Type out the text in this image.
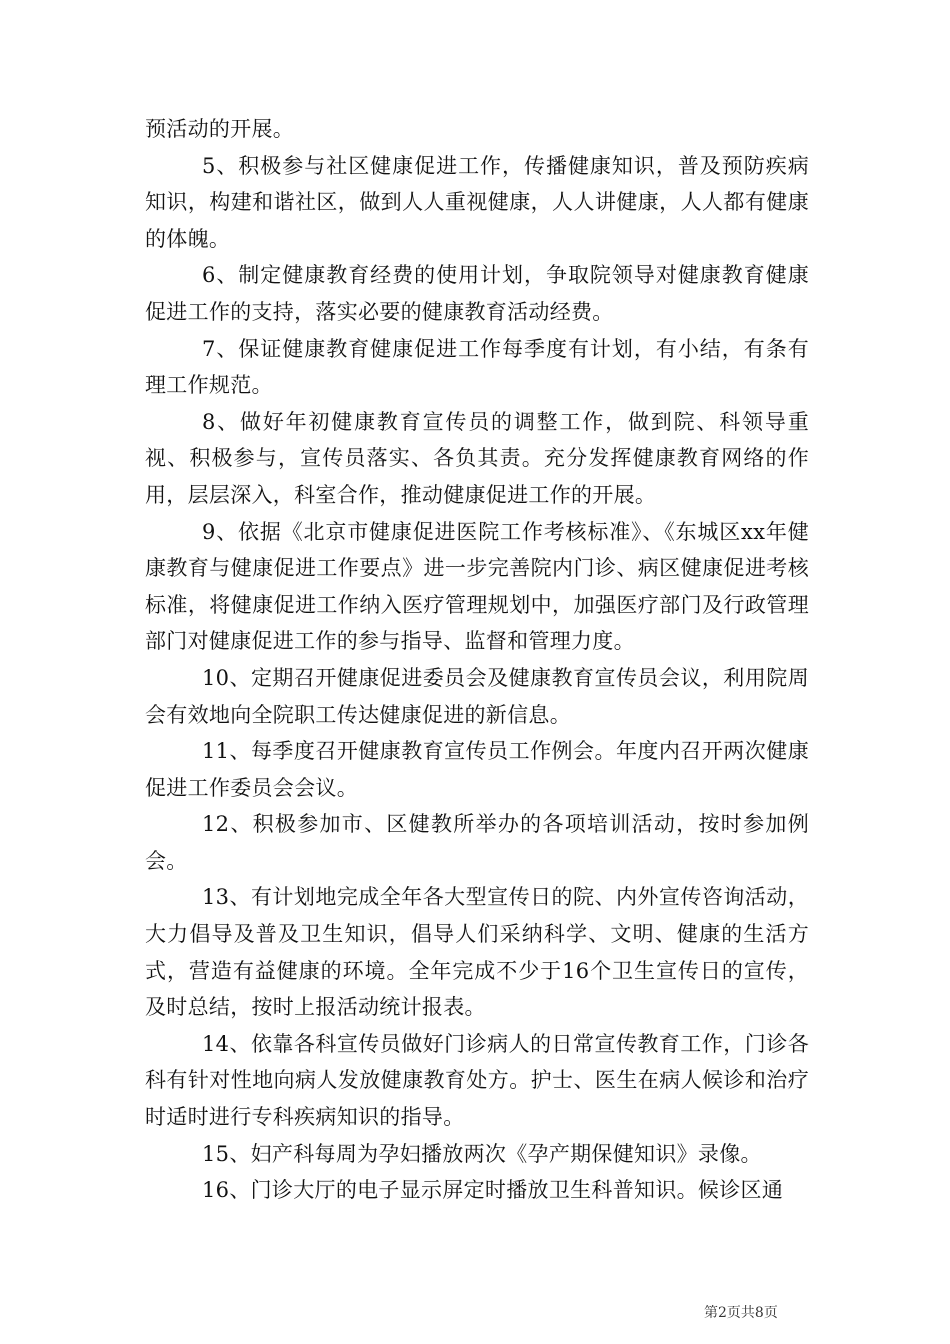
预活动的开展。

5、积极参与社区健康促进工作，传播健康知识，普及预防疾病知识，构建和谐社区，做到人人重视健康，人人讲健康，人人都有健康的体魄。

6、制定健康教育经费的使用计划，争取院领导对健康教育健康促进工作的支持，落实必要的健康教育活动经费。

7、保证健康教育健康促进工作每季度有计划，有小结，有条有理工作规范。

8、做好年初健康教育宣传员的调整工作，做到院、科领导重视、积极参与，宣传员落实、各负其责。充分发挥健康教育网络的作用，层层深入，科室合作，推动健康促进工作的开展。

9、依据《北京市健康促进医院工作考核标准》、《东城区xx年健康教育与健康促进工作要点》进一步完善院内门诊、病区健康促进考核标准，将健康促进工作纳入医疗管理规划中，加强医疗部门及行政管理部门对健康促进工作的参与指导、监督和管理力度。

10、定期召开健康促进委员会及健康教育宣传员会议，利用院周会有效地向全院职工传达健康促进的新信息。

11、每季度召开健康教育宣传员工作例会。年度内召开两次健康促进工作委员会会议。

12、积极参加市、区健教所举办的各项培训活动，按时参加例会。

13、有计划地完成全年各大型宣传日的院、内外宣传咨询活动，大力倡导及普及卫生知识，倡导人们采纳科学、文明、健康的生活方式，营造有益健康的环境。全年完成不少于16个卫生宣传日的宣传，及时总结，按时上报活动统计报表。

14、依靠各科宣传员做好门诊病人的日常宣传教育工作，门诊各科有针对性地向病人发放健康教育处方。护士、医生在病人候诊和治疗时适时进行专科疾病知识的指导。

15、妇产科每周为孕妇播放两次《孕产期保健知识》录像。

16、门诊大厅的电子显示屏定时播放卫生科普知识。候诊区通

第2页共8页
